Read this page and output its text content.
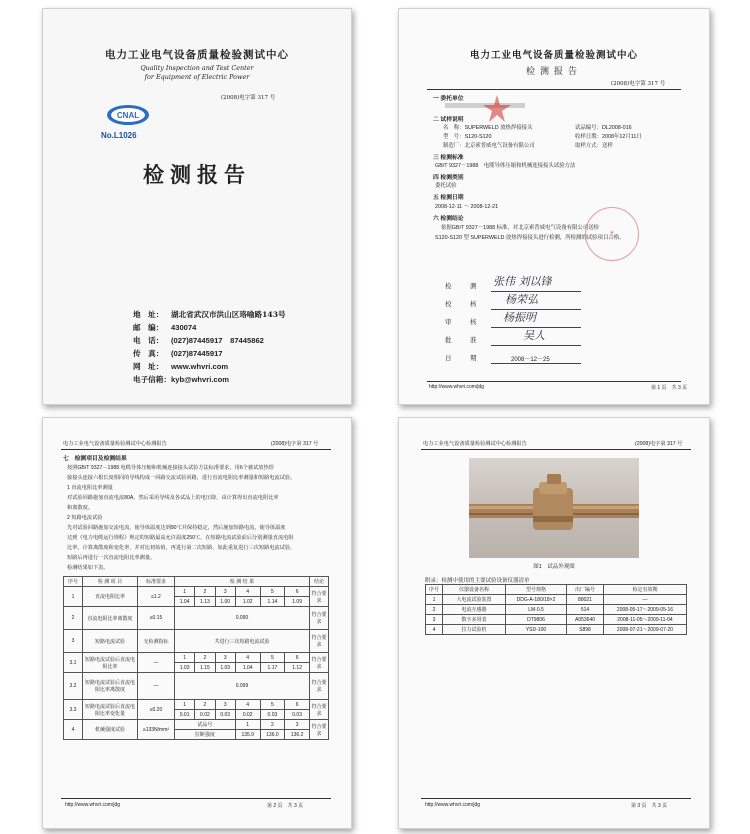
电力工业电气设备质量检验测试中心
Quality Inspection and Test Center
for Equipment of Electric Power
(2008)电字第 317 号
CNAL
No.L1026
检测报告
地　址： 湖北省武汉市洪山区珞喻路143号
邮　编： 430074
电　话： (027)87445917　87445862
传　真： (027)87445917
网　址： www.whvri.com
电子信箱：kyb@whvri.com
电力工业电气设备质量检验测试中心
检测报告
(2008)电字第 317 号
一 委托单位
二 试样说明
名　称：SUPERWELD 放热焊接接头
型　号：S120-S120
制造厂：北京索普威电气设备有限公司
试品编号：DL2008-016
收样日期：2008年12月11日
取样方式：送样
三 检测标准
GB/T 9327－1988　电缆导体压缩和机械连接接头试验方法
四 检测类别
委托试验
五 检测日期
2008-12-11 ～ 2008-12-21
六 检测结论
依据GB/T 9327－1988 标准，对北京索普威电气设备有限公司送检
S120-S120 型 SUPERWELD 放热焊接接头进行检测，所检测的试验项目合格。
★
检　测 张伟 刘以锋
校　核 杨荣弘
审　核 杨振明
批　准	吴人
日　期	2008－12－25
http://www.whvri.com/jdg	第 1 页　共 3 页
电力工业电气设备质量检验测试中心检测报告	(2008)电字第 317 号
七　检测项目及检测结果
按照GB/T 9327－1988 电缆导体压缩和机械连接接头试验方法标准要求，用6个被试放热焊
接接头连接六根长度相同的导线构成一回路交流试验回路，进行直流电阻比率测量和短路电流试验。
1 直流电阻比率测量
对试验回路施加直流电流80A，然后采用导线及各试品上的电压降，由计算得出直流电阻比率
和离散度。
2 短路电流试验
先对试验回路施加交流电流，使导体温度达到90℃并保持稳定，然后施加短路电流，使导体温度
达到《电力电缆运行规程》规定的短路最高允许温度250℃，在短路电流试验前后分别测量直流电阻
比率，计算离散度和变化率，并对比初始值，再进行第二次短路，如此重复进行三次短路电流试验，
短路后再进行一次直流电阻比率测量。
检测结果如下表。
序号	检 测 项 目	标准要求	检 测 结 果						结论
1	直流电阻比率	≤1.2	1	2	3	4	5	6	符合要求
			1.04	1.13	1.00	1.02	1.14	1.09	
2	直流电阻比率离散度	≤0.15	0.090						符合要求
3	短路电流试验	无检测指标	共进行三次短路电流试验						符合要求
3.1	短路电流试验后直流电阻比率	—	1	2	3	4	5	6	符合要求
			1.03	1.15	1.03	1.04	1.17	1.12	
3.2	短路电流试验后直流电阻比率离散度	—	0.099						符合要求
3.3	短路电流试验后直流电阻比率变化量	≤0.20	1	2	3	4	5	6	符合要求
			0.01	0.02	0.03	0.02	0.03	0.03	
4	机械强度试验	≥133N/mm²	试品号			1	2	3	符合要求
			拉断强度			135.9	136.0	136.2	
http://www.whvri.com/jdg	第 2 页　共 3 页
电力工业电气设备质量检验测试中心检测报告	(2008)电字第 317 号
图1　试品外观图
附录：检测中使用的主要试验设备仪器清单
序号	仪器设备名称	型号规格	出厂编号	检定有效期
1	大电流试验装置	DDG-A-180/18×2	88021	—
2	电流互感器	LM-0.5	514	2008-05-17～2009-05-16
3	数字多用表	DT9806	A053640	2008-11-05～2009-11-04
4	拉力试验机	YSD-100	S898	2008-07-21～2009-07-20
http://www.whvri.com/jdg	第 3 页　共 3 页
